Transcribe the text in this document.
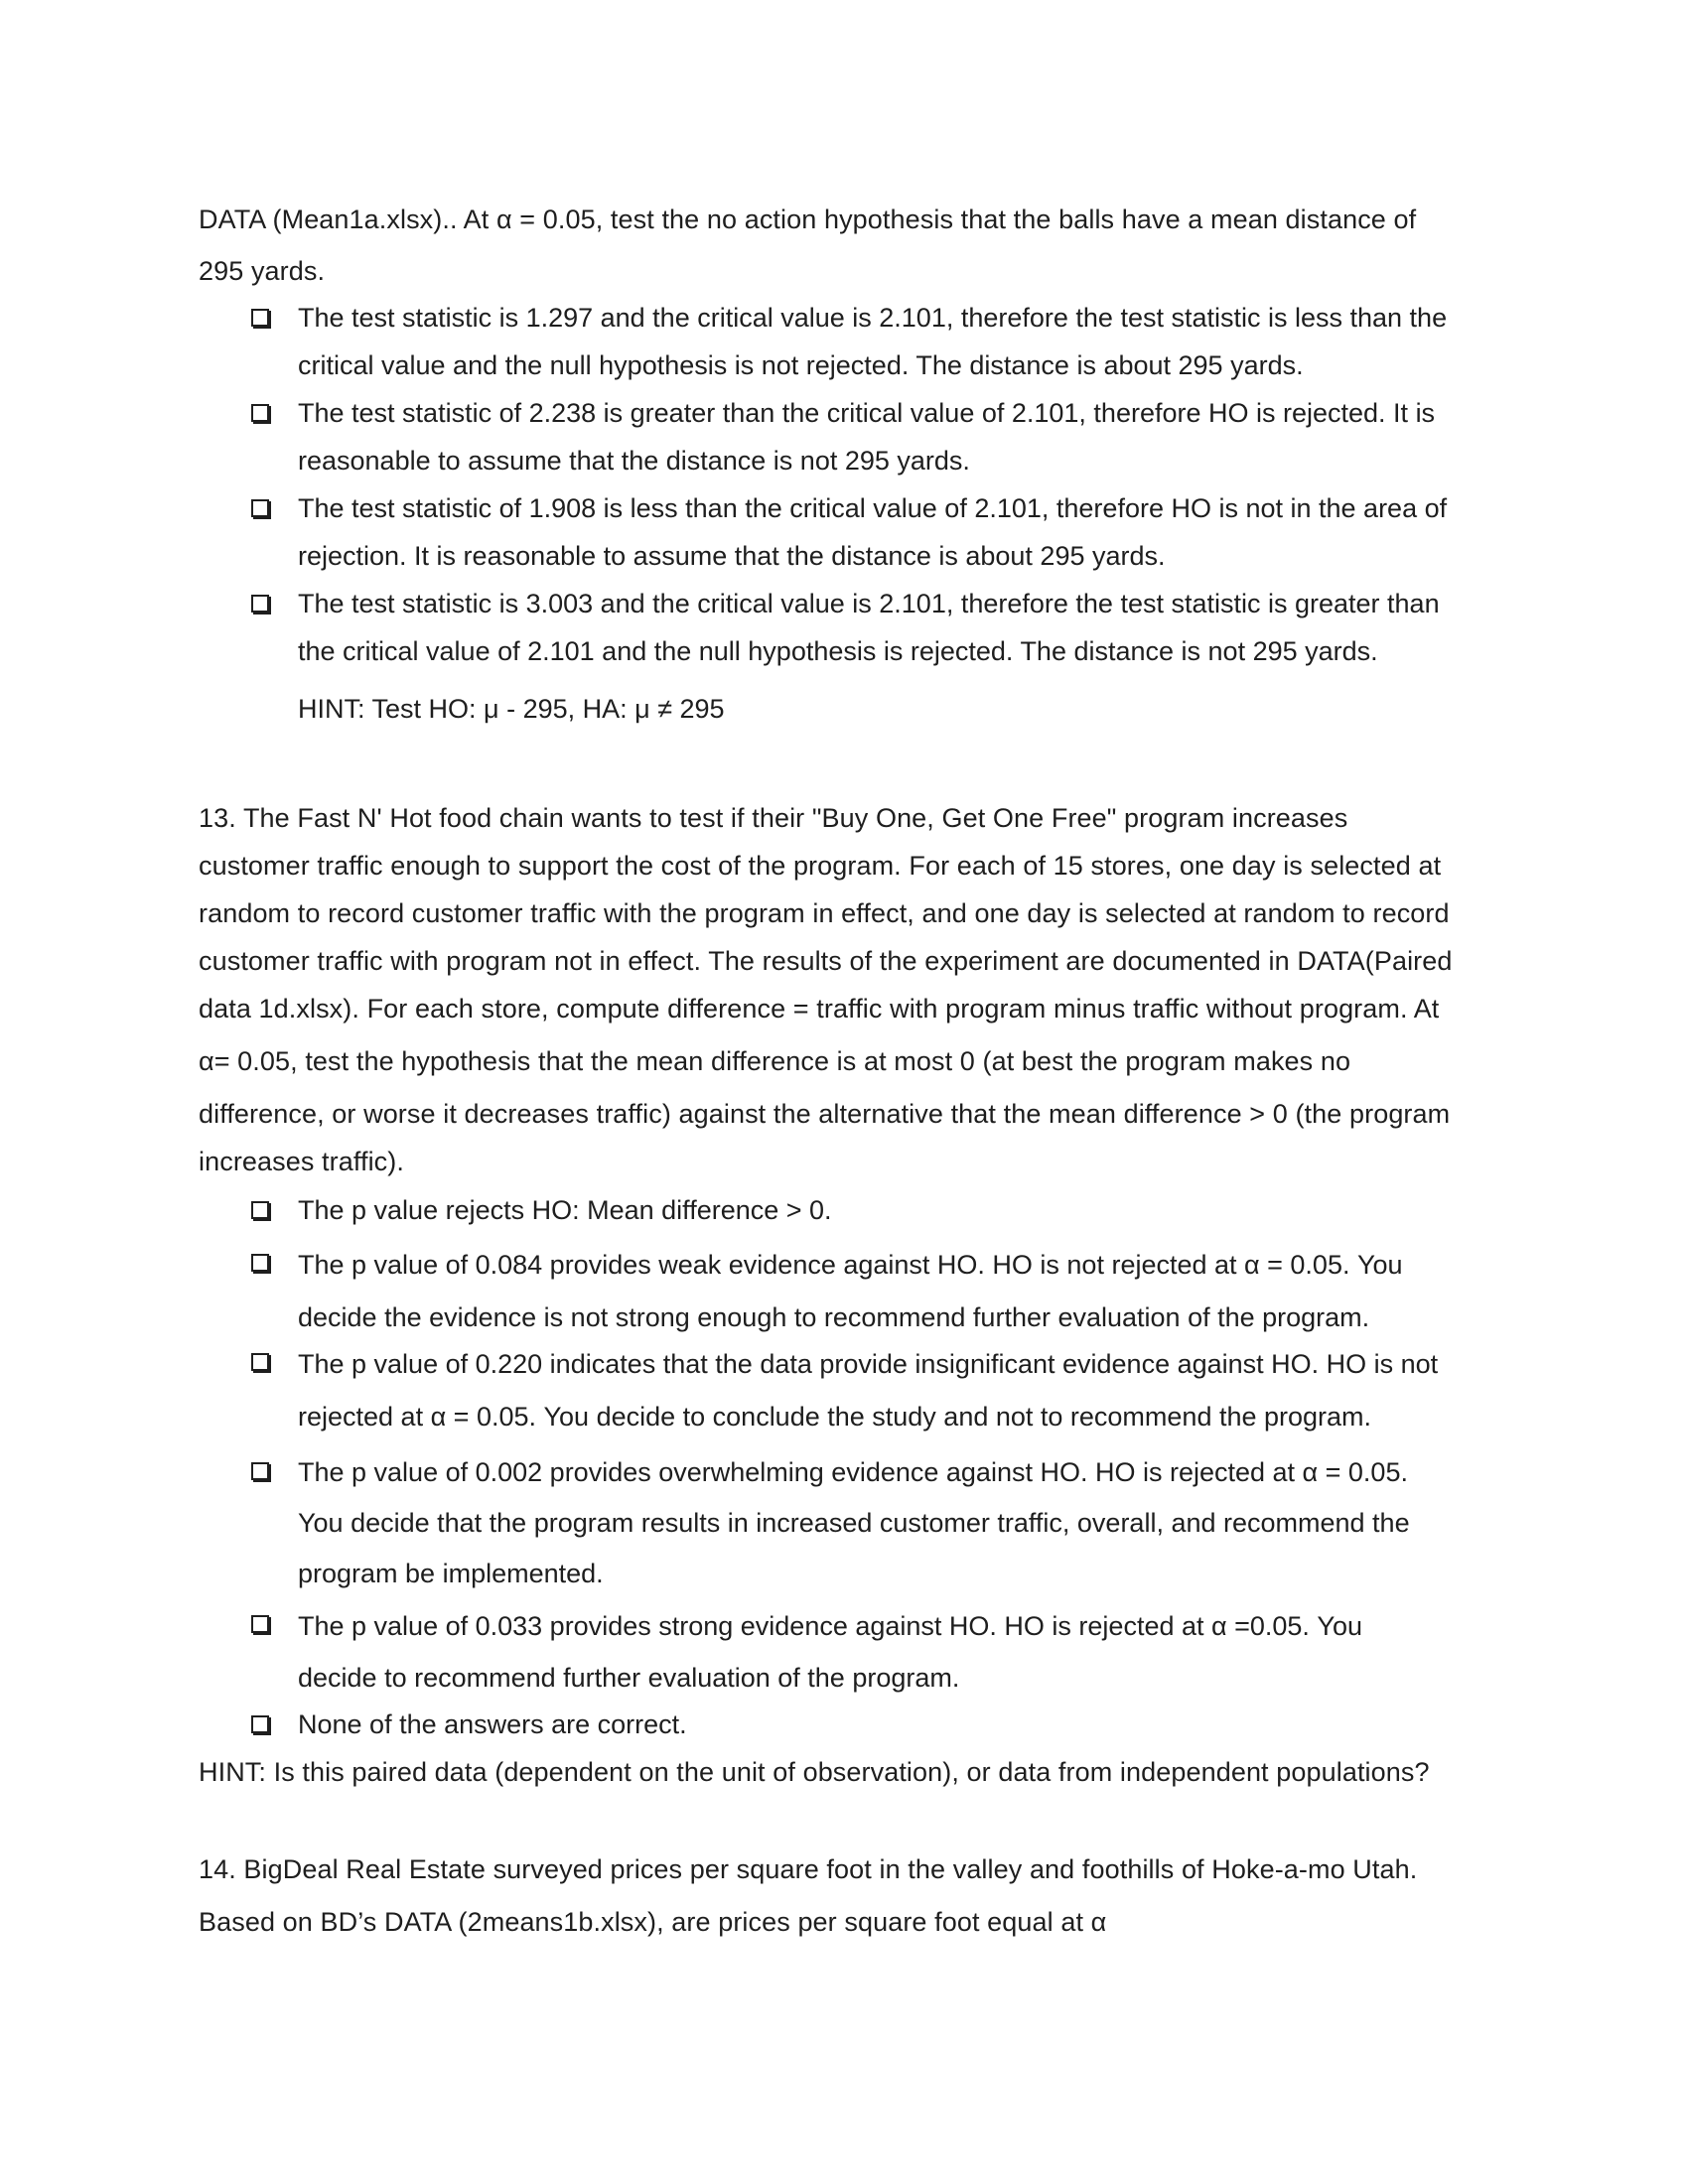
DATA (Mean1a.xlsx).. At α = 0.05, test the no action hypothesis that the balls have a mean distance of
295 yards.
The test statistic is 1.297 and the critical value is 2.101, therefore the test statistic is less than the
critical value and the null hypothesis is not rejected. The distance is about 295 yards.
The test statistic of 2.238 is greater than the critical value of 2.101, therefore HO is rejected. It is
reasonable to assume that the distance is not 295 yards.
The test statistic of 1.908 is less than the critical value of 2.101, therefore HO is not in the area of
rejection. It is reasonable to assume that the distance is about 295 yards.
The test statistic is 3.003 and the critical value is 2.101, therefore the test statistic is greater than
the critical value of 2.101 and the null hypothesis is rejected. The distance is not 295 yards.
HINT: Test HO: μ - 295, HA: μ ≠ 295
13. The Fast N' Hot food chain wants to test if their "Buy One, Get One Free" program increases
customer traffic enough to support the cost of the program. For each of 15 stores, one day is selected at
random to record customer traffic with the program in effect, and one day is selected at random to record
customer traffic with program not in effect. The results of the experiment are documented in DATA(Paired
data 1d.xlsx). For each store, compute difference = traffic with program minus traffic without program. At
α= 0.05, test the hypothesis that the mean difference is at most 0 (at best the program makes no
difference, or worse it decreases traffic) against the alternative that the mean difference > 0 (the program
increases traffic).
The p value rejects HO: Mean difference > 0.
The p value of 0.084 provides weak evidence against HO. HO is not rejected at α = 0.05. You
decide the evidence is not strong enough to recommend further evaluation of the program.
The p value of 0.220 indicates that the data provide insignificant evidence against HO. HO is not
rejected at α = 0.05. You decide to conclude the study and not to recommend the program.
The p value of 0.002 provides overwhelming evidence against HO. HO is rejected at α = 0.05.
You decide that the program results in increased customer traffic, overall, and recommend the
program be implemented.
The p value of 0.033 provides strong evidence against HO. HO is rejected at α =0.05. You
decide to recommend further evaluation of the program.
None of the answers are correct.
HINT: Is this paired data (dependent on the unit of observation), or data from independent populations?
14. BigDeal Real Estate surveyed prices per square foot in the valley and foothills of Hoke-a-mo Utah.
Based on BD’s DATA (2means1b.xlsx), are prices per square foot equal at α
